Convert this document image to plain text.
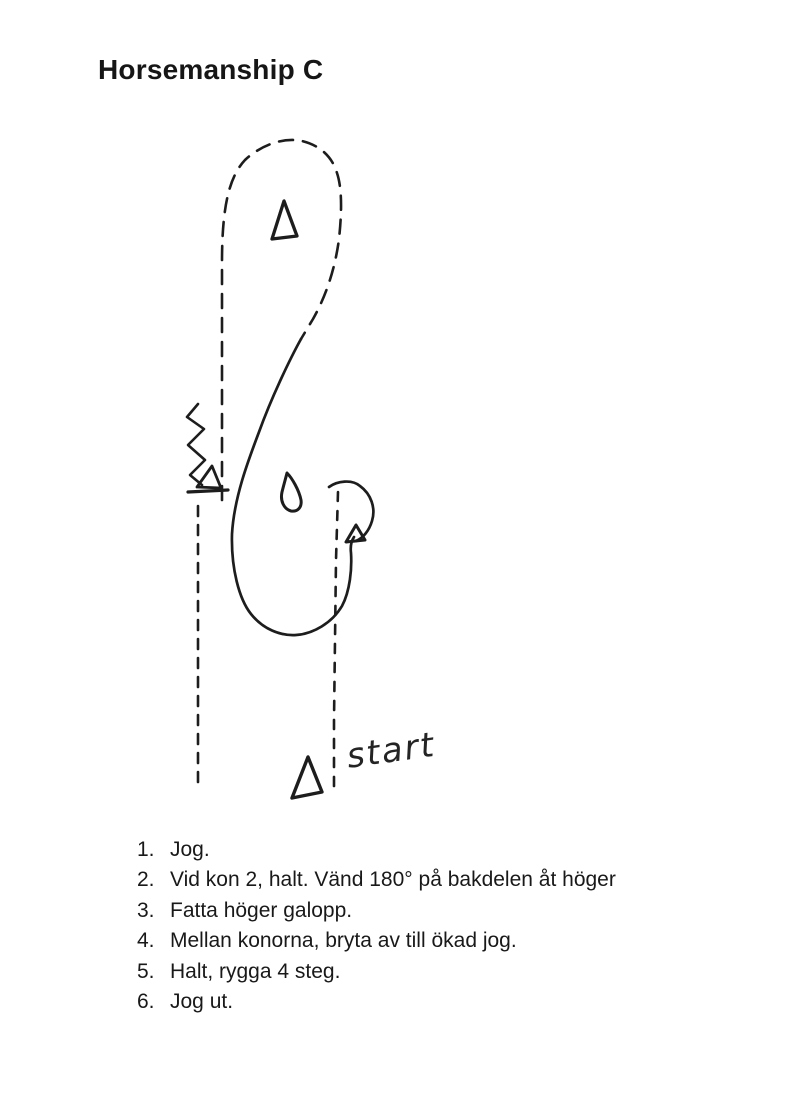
Horsemanship C
start
1. Jog.
2. Vid kon 2, halt. Vänd 180° på bakdelen åt höger
3. Fatta höger galopp.
4. Mellan konorna, bryta av till ökad jog.
5. Halt, rygga 4 steg.
6. Jog ut.
